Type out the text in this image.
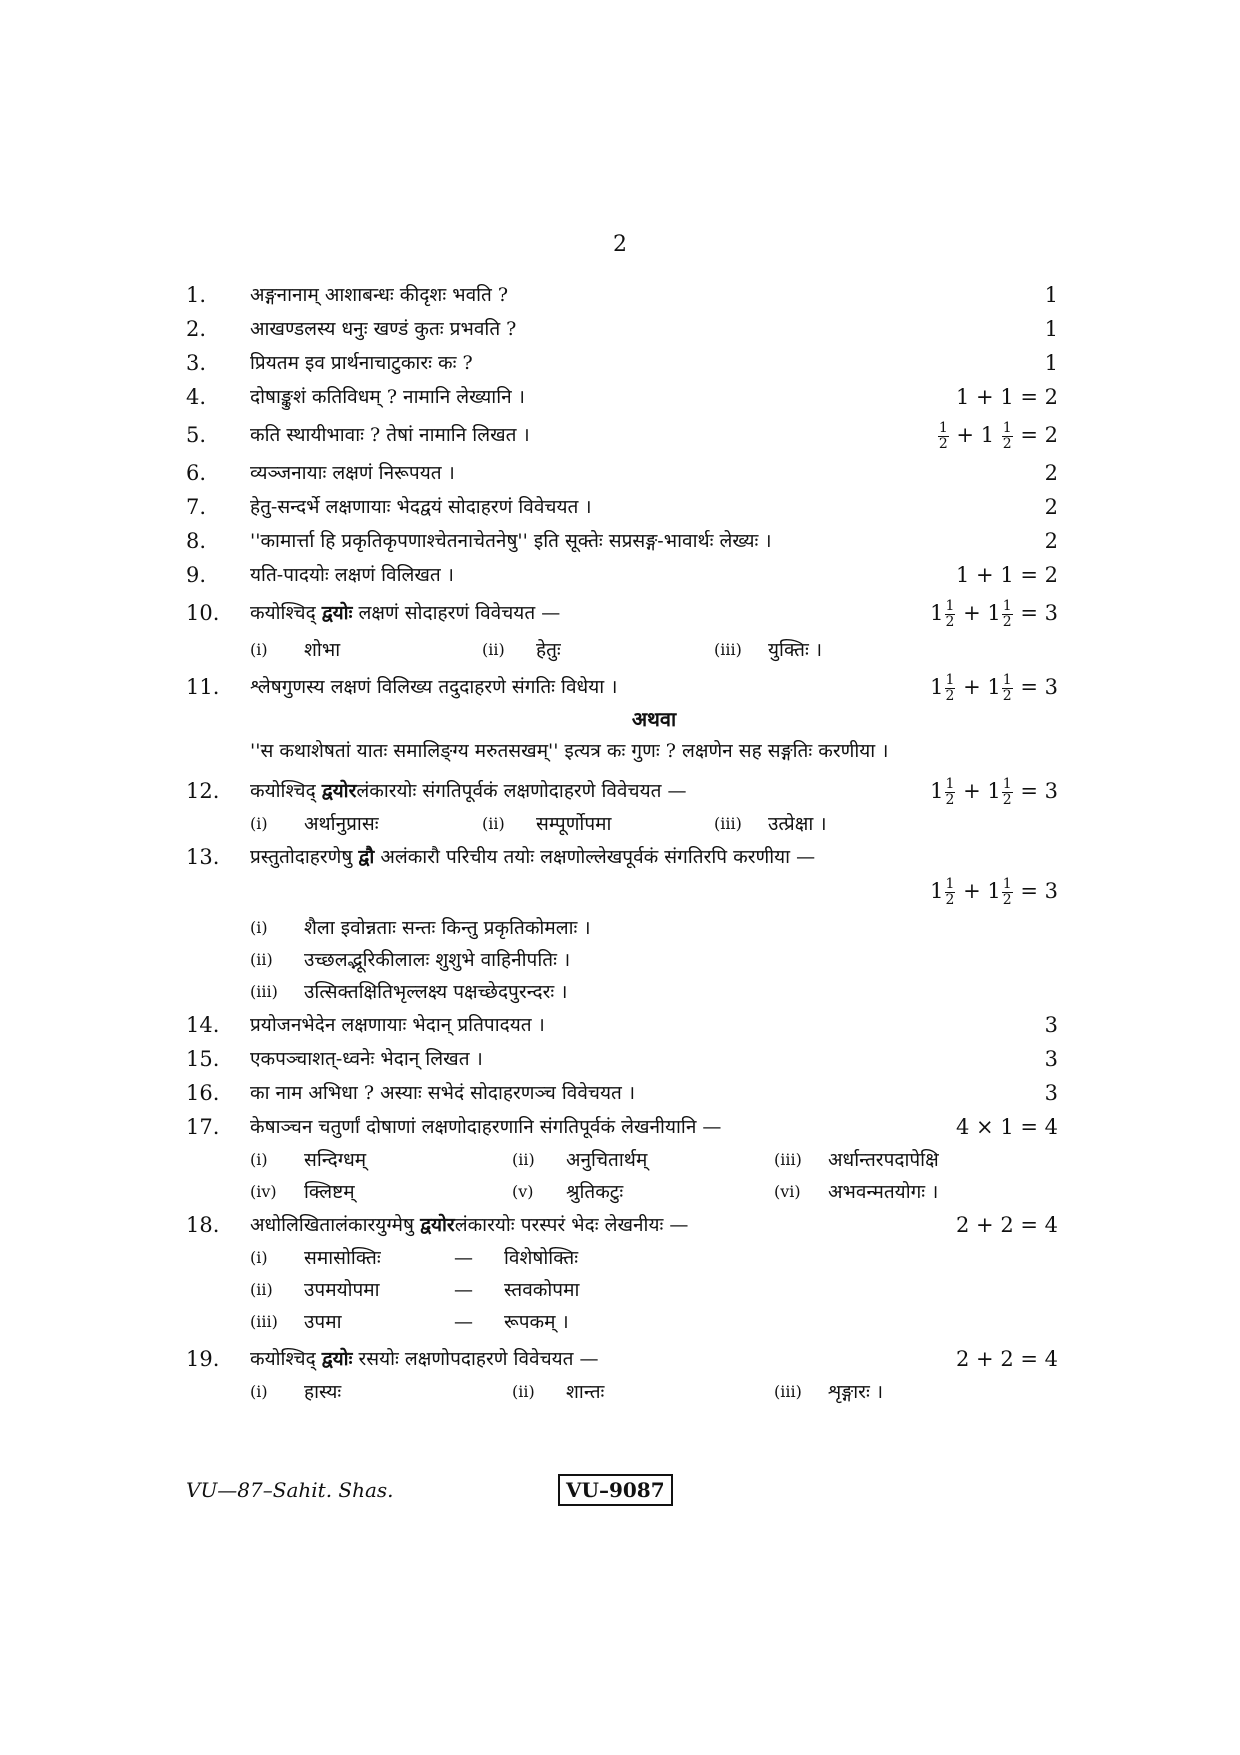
2
1.	अङ्गनानाम् आशाबन्धः कीदृशः भवति ?	1
2.	आखण्डलस्य धनुः खण्डं कुतः प्रभवति ?	1
3.	प्रियतम इव प्रार्थनाचाटुकारः कः ?	1
4.	दोषाङ्कुशं कतिविधम् ? नामानि लेख्यानि ।	1 + 1 = 2
5.	कति स्थायीभावाः ? तेषां नामानि लिखत ।	$\frac{1}{2} + 1 \frac{1}{2} = 2$
6.	व्यञ्जनायाः लक्षणं निरूपयत ।	2
7.	हेतु-सन्दर्भे लक्षणायाः भेदद्वयं सोदाहरणं विवेचयत ।	2
8.	''कामार्त्ता हि प्रकृतिकृपणाश्चेतनाचेतनेषु'' इति सूक्तेः सप्रसङ्ग-भावार्थः लेख्यः ।	2
9.	यति-पादयोः लक्षणं विलिखत ।	1 + 1 = 2
10.	कयोश्चिद् द्वयोः लक्षणं सोदाहरणं विवेचयत —	$1 \frac{1}{2} + 1 \frac{1}{2} = 3$
(i)	शोभा	(ii)	हेतुः	(iii)	युक्तिः ।
11.	श्लेषगुणस्य लक्षणं विलिख्य तदुदाहरणे संगतिः विधेया ।	$1 \frac{1}{2} + 1 \frac{1}{2} = 3$
अथवा
''स कथाशेषतां यातः समालिङ्ग्य मरुतसखम्'' इत्यत्र कः गुणः ? लक्षणेन सह सङ्गतिः करणीया ।
12.	कयोश्चिद् द्वयोरलंकारयोः संगतिपूर्वकं लक्षणोदाहरणे विवेचयत —	$1 \frac{1}{2} + 1 \frac{1}{2} = 3$
(i)	अर्थानुप्रासः	(ii)	सम्पूर्णोपमा	(iii)	उत्प्रेक्षा ।
13.	प्रस्तुतोदाहरणेषु द्वौ अलंकारौ परिचीय तयोः लक्षणोल्लेखपूर्वकं संगतिरपि करणीया —
$1 \frac{1}{2} + 1 \frac{1}{2} = 3$
(i)	शैला इवोन्नताः सन्तः किन्तु प्रकृतिकोमलाः ।
(ii)	उच्छलद्भूरिकीलालः शुशुभे वाहिनीपतिः ।
(iii)	उत्सिक्तक्षितिभृल्लक्ष्य पक्षच्छेदपुरन्दरः ।
14.	प्रयोजनभेदेन लक्षणायाः भेदान् प्रतिपादयत ।	3
15.	एकपञ्चाशत्-ध्वनेः भेदान् लिखत ।	3
16.	का नाम अभिधा ? अस्याः सभेदं सोदाहरणञ्च विवेचयत ।	3
17.	केषाञ्चन चतुर्णां दोषाणां लक्षणोदाहरणानि संगतिपूर्वकं लेखनीयानि —	4 × 1 = 4
(i)	सन्दिग्धम्	(ii)	अनुचितार्थम्	(iii)	अर्धान्तरपदापेक्षि
(iv)	क्लिष्टम्	(v)	श्रुतिकटुः	(vi)	अभवन्मतयोगः ।
18.	अधोलिखितालंकारयुग्मेषु द्वयोरलंकारयोः परस्परं भेदः लेखनीयः —	2 + 2 = 4
(i)	समासोक्तिः	—	विशेषोक्तिः
(ii)	उपमयोपमा	—	स्तवकोपमा
(iii)	उपमा	—	रूपकम् ।
19.	कयोश्चिद् द्वयोः रसयोः लक्षणोपदाहरणे विवेचयत —	2 + 2 = 4
(i)	हास्यः	(ii)	शान्तः	(iii)	शृङ्गारः ।
VU—87–Sahit. Shas.	VU–9087
